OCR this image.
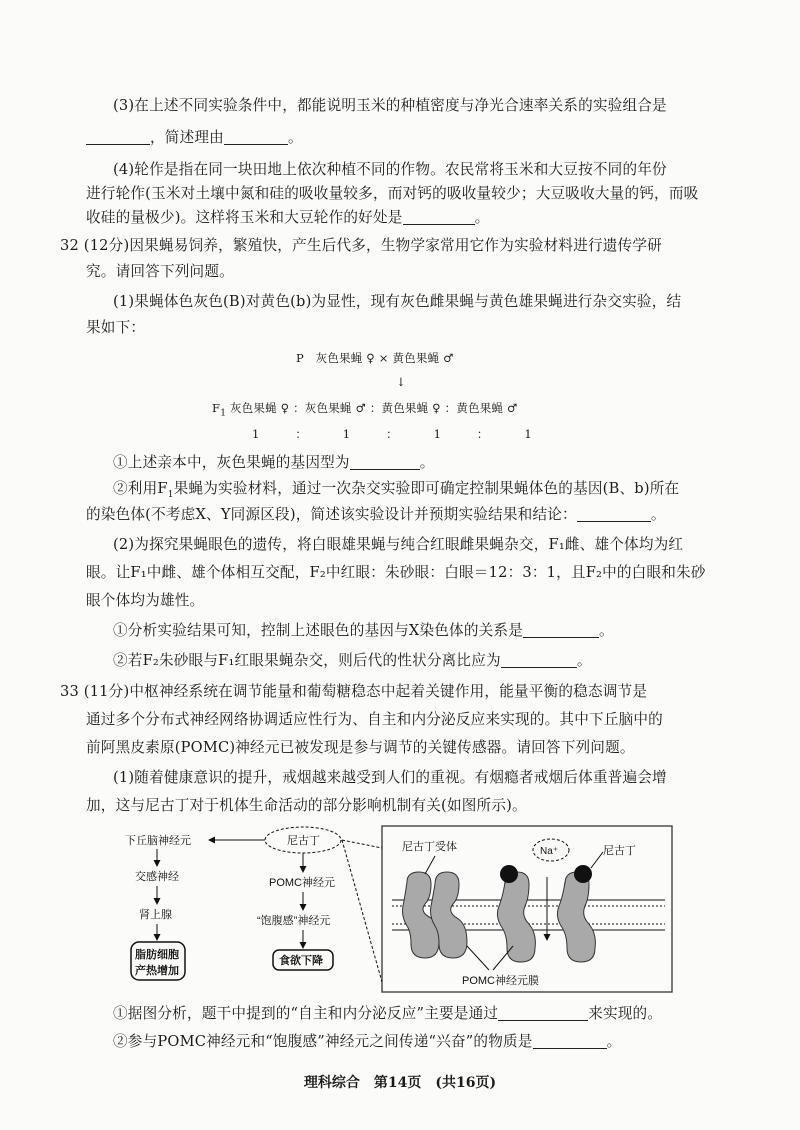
(3)在上述不同实验条件中，都能说明玉米的种植密度与净光合速率关系的实验组合是
，简述理由	。
(4)轮作是指在同一块田地上依次种植不同的作物。农民常将玉米和大豆按不同的年份
进行轮作(玉米对土壤中氮和硅的吸收量较多，而对钙的吸收量较少；大豆吸收大量的钙，而吸
收硅的量极少)。这样将玉米和大豆轮作的好处是	。
32 (12分)因果蝇易饲养，繁殖快，产生后代多，生物学家常用它作为实验材料进行遗传学研
究。请回答下列问题。
(1)果蝇体色灰色(B)对黄色(b)为显性，现有灰色雌果蝇与黄色雄果蝇进行杂交实验，结
果如下：
P　灰色果蝇 ♀ × 黄色果蝇 ♂
↓
$F_1$ 灰色果蝇 ♀ ：灰色果蝇 ♂ ：黄色果蝇 ♀ ：黄色果蝇 ♂
1	：	1	：	1	：	1
①上述亲本中，灰色果蝇的基因型为	。
②利用$F_1$果蝇为实验材料，通过一次杂交实验即可确定控制果蝇体色的基因(B、b)所在
的染色体(不考虑X、Y同源区段)，简述该实验设计并预期实验结果和结论：	。
(2)为探究果蝇眼色的遗传，将白眼雄果蝇与纯合红眼雌果蝇杂交，F₁雌、雄个体均为红
眼。让F₁中雌、雄个体相互交配，F₂中红眼：朱砂眼：白眼＝12：3：1，且F₂中的白眼和朱砂
眼个体均为雄性。
①分析实验结果可知，控制上述眼色的基因与X染色体的关系是	。
②若F₂朱砂眼与F₁红眼果蝇杂交，则后代的性状分离比应为	。
33 (11分)中枢神经系统在调节能量和葡萄糖稳态中起着关键作用，能量平衡的稳态调节是
通过多个分布式神经网络协调适应性行为、自主和内分泌反应来实现的。其中下丘脑中的
前阿黑皮素原(POMC)神经元已被发现是参与调节的关键传感器。请回答下列问题。
(1)随着健康意识的提升，戒烟越来越受到人们的重视。有烟瘾者戒烟后体重普遍会增
加，这与尼古丁对于机体生命活动的部分影响机制有关(如图所示)。
下丘脑神经元	尼古丁
交感神经
肾上腺
脂肪细胞
产热增加
POMC神经元
“饱腹感”神经元
食欲下降
Na⁺
尼古丁受体	尼古丁
POMC神经元膜
①据图分析，题干中提到的“自主和内分泌反应”主要是通过	来实现的。
②参与POMC神经元和“饱腹感”神经元之间传递“兴奋”的物质是	。
理科综合　第14页　(共16页)
